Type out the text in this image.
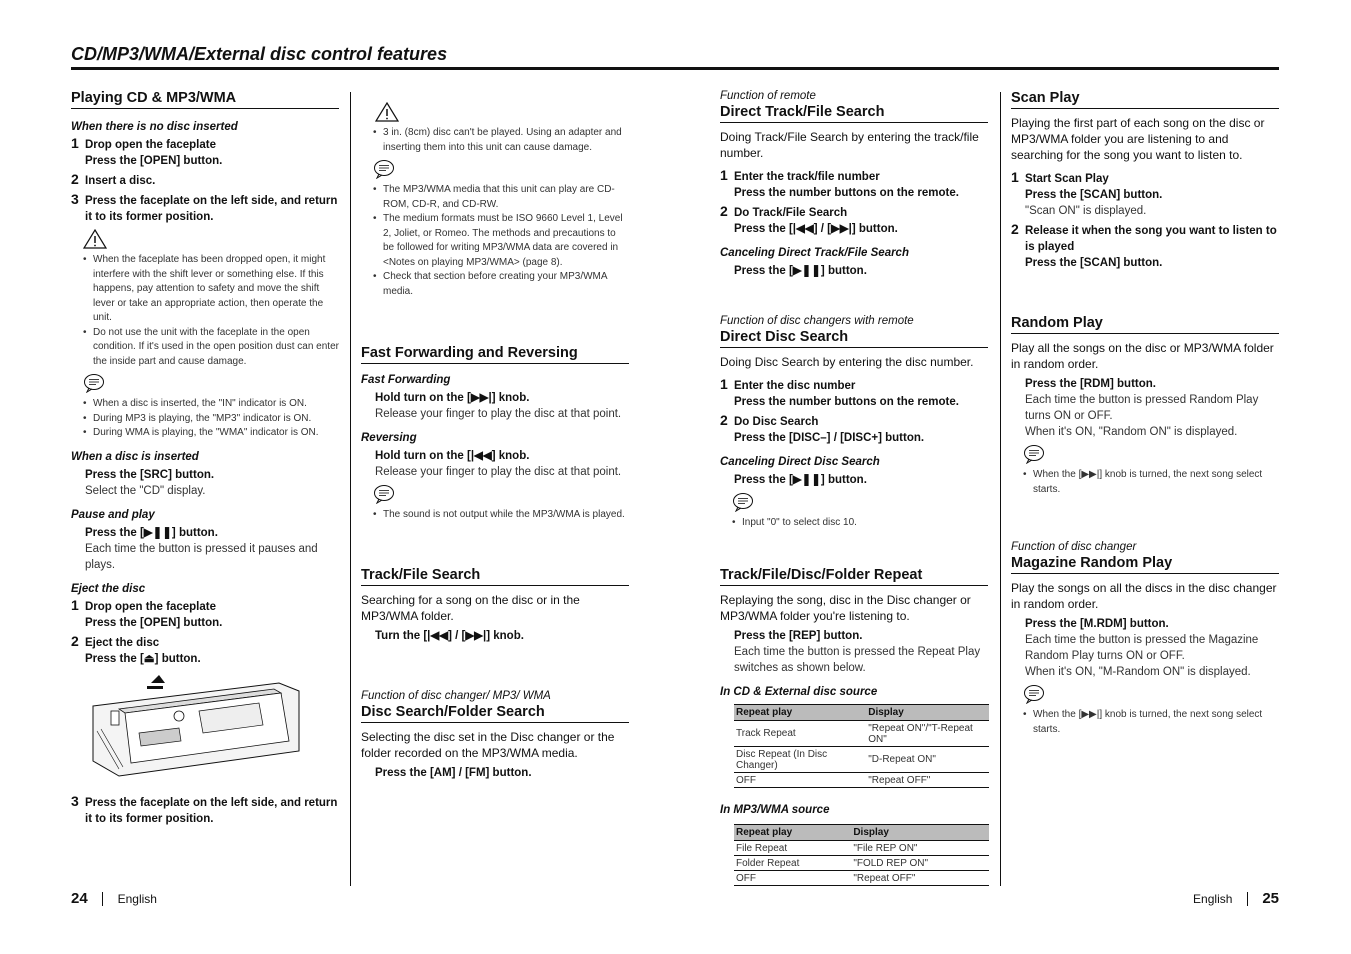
CD/MP3/WMA/External disc control features
Playing CD & MP3/WMA
When there is no disc inserted
1 Drop open the faceplate
Press the [OPEN] button.
2 Insert a disc.
3 Press the faceplate on the left side, and return it to its former position.

• When the faceplate has been dropped open, it might interfere with the shift lever or something else. If this happens, pay attention to safety and move the shift lever or take an appropriate action, then operate the unit.

• Do not use the unit with the faceplate in the open condition. If it's used in the open position dust can enter the inside part and cause damage.

• When a disc is inserted, the "IN" indicator is ON.

• During MP3 is playing, the "MP3" indicator is ON.

• During WMA is playing, the "WMA" indicator is ON.

When a disc is inserted
Press the [SRC] button.
Select the "CD" display.
Pause and play
Press the [▶❚❚] button.
Each time the button is pressed it pauses and plays.
Eject the disc
1 Drop open the faceplate
Press the [OPEN] button.
2 Eject the disc
Press the [⏏] button.
3 Press the faceplate on the left side, and return it to its former position.

• 3 in. (8cm) disc can't be played. Using an adapter and inserting them into this unit can cause damage.

• The MP3/WMA media that this unit can play are CD-ROM, CD-R, and CD-RW.

• The medium formats must be ISO 9660 Level 1, Level 2, Joliet, or Romeo. The methods and precautions to be followed for writing MP3/WMA data are covered in <Notes on playing MP3/WMA> (page 8).

• Check that section before creating your MP3/WMA media.

Fast Forwarding and Reversing
Fast Forwarding
Hold turn on the [▶▶|] knob.
Release your finger to play the disc at that point.
Reversing
Hold turn on the [|◀◀] knob.
Release your finger to play the disc at that point.

• The sound is not output while the MP3/WMA is played.

Track/File Search

Searching for a song on the disc or in the MP3/WMA folder.

Turn the [|◀◀] / [▶▶|] knob.
Function of disc changer/ MP3/ WMA
Disc Search/Folder Search

Selecting the disc set in the Disc changer or the folder recorded on the MP3/WMA media.

Press the [AM] / [FM] button.
Function of remote
Direct Track/File Search

Doing Track/File Search by entering the track/file number.

1 Enter the track/file number
Press the number buttons on the remote.
2 Do Track/File Search
Press the [|◀◀] / [▶▶|] button.
Canceling Direct Track/File Search
Press the [▶❚❚] button.
Function of disc changers with remote
Direct Disc Search

Doing Disc Search by entering the disc number.

1 Enter the disc number
Press the number buttons on the remote.
2 Do Disc Search
Press the [DISC–] / [DISC+] button.
Canceling Direct Disc Search
Press the [▶❚❚] button.

• Input "0" to select disc 10.

Track/File/Disc/Folder Repeat

Replaying the song, disc in the Disc changer or MP3/WMA folder you're listening to.

Press the [REP] button.
Each time the button is pressed the Repeat Play switches as shown below.
In CD & External disc source
Repeat play	Display
Track Repeat	"Repeat ON"/"T-Repeat ON"
Disc Repeat (In Disc Changer)	"D-Repeat ON"
OFF	"Repeat OFF"
In MP3/WMA source
Repeat play	Display
File Repeat	"File REP ON"
Folder Repeat	"FOLD REP ON"
OFF	"Repeat OFF"
Scan Play

Playing the first part of each song on the disc or MP3/WMA folder you are listening to and searching for the song you want to listen to.

1 Start Scan Play
Press the [SCAN] button.
"Scan ON" is displayed.
2 Release it when the song you want to listen to is played
Press the [SCAN] button.
Random Play

Play all the songs on the disc or MP3/WMA folder in random order.

Press the [RDM] button.
Each time the button is pressed Random Play turns ON or OFF.
When it's ON, "Random ON" is displayed.

• When the [▶▶|] knob is turned, the next song select starts.

Function of disc changer
Magazine Random Play

Play the songs on all the discs in the disc changer in random order.

Press the [M.RDM] button.
Each time the button is pressed the Magazine Random Play turns ON or OFF.
When it's ON, "M-Random ON" is displayed.

• When the [▶▶|] knob is turned, the next song select starts.

24 English	English 25
